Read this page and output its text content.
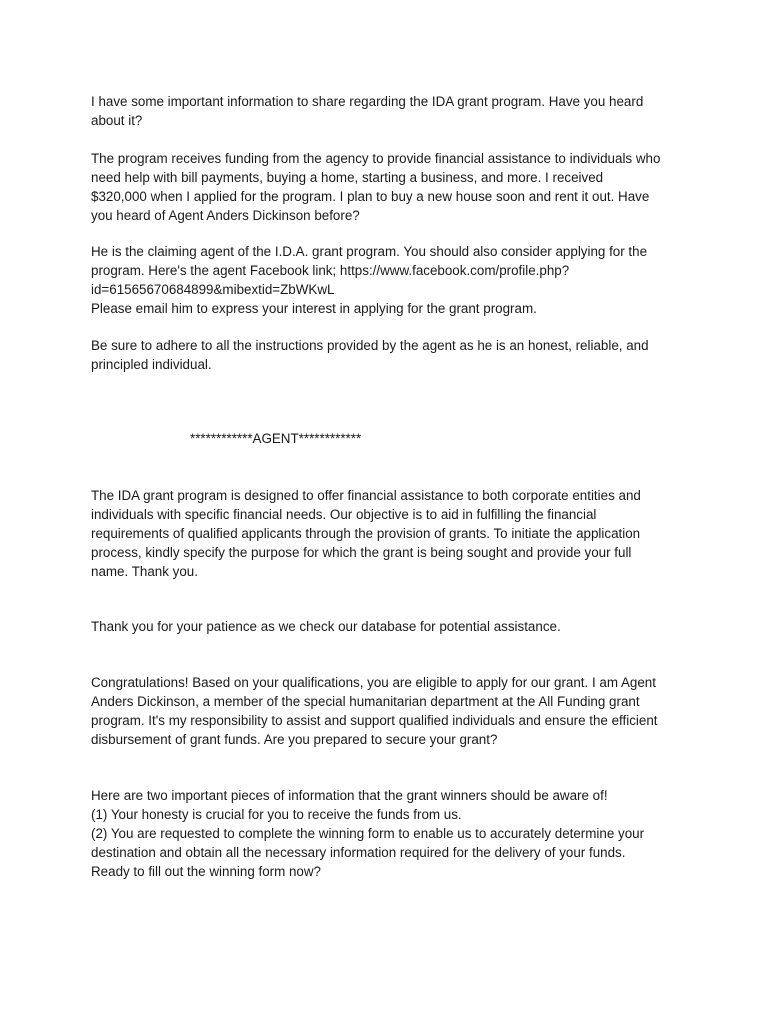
I have some important information to share regarding the IDA grant program. Have you heard
about it?

The program receives funding from the agency to provide financial assistance to individuals who
need help with bill payments, buying a home, starting a business, and more. I received
$320,000 when I applied for the program. I plan to buy a new house soon and rent it out. Have
you heard of Agent Anders Dickinson before?

He is the claiming agent of the I.D.A. grant program. You should also consider applying for the
program. Here's the agent Facebook link; https://www.facebook.com/profile.php?
id=61565670684899&mibextid=ZbWKwL
Please email him to express your interest in applying for the grant program.

Be sure to adhere to all the instructions provided by the agent as he is an honest, reliable, and
principled individual.

************AGENT************

The IDA grant program is designed to offer financial assistance to both corporate entities and
individuals with specific financial needs. Our objective is to aid in fulfilling the financial
requirements of qualified applicants through the provision of grants. To initiate the application
process, kindly specify the purpose for which the grant is being sought and provide your full
name. Thank you.

Thank you for your patience as we check our database for potential assistance.

Congratulations! Based on your qualifications, you are eligible to apply for our grant. I am Agent
Anders Dickinson, a member of the special humanitarian department at the All Funding grant
program. It's my responsibility to assist and support qualified individuals and ensure the efficient
disbursement of grant funds. Are you prepared to secure your grant?

Here are two important pieces of information that the grant winners should be aware of!
(1) Your honesty is crucial for you to receive the funds from us.
(2) You are requested to complete the winning form to enable us to accurately determine your
destination and obtain all the necessary information required for the delivery of your funds.
Ready to fill out the winning form now?
